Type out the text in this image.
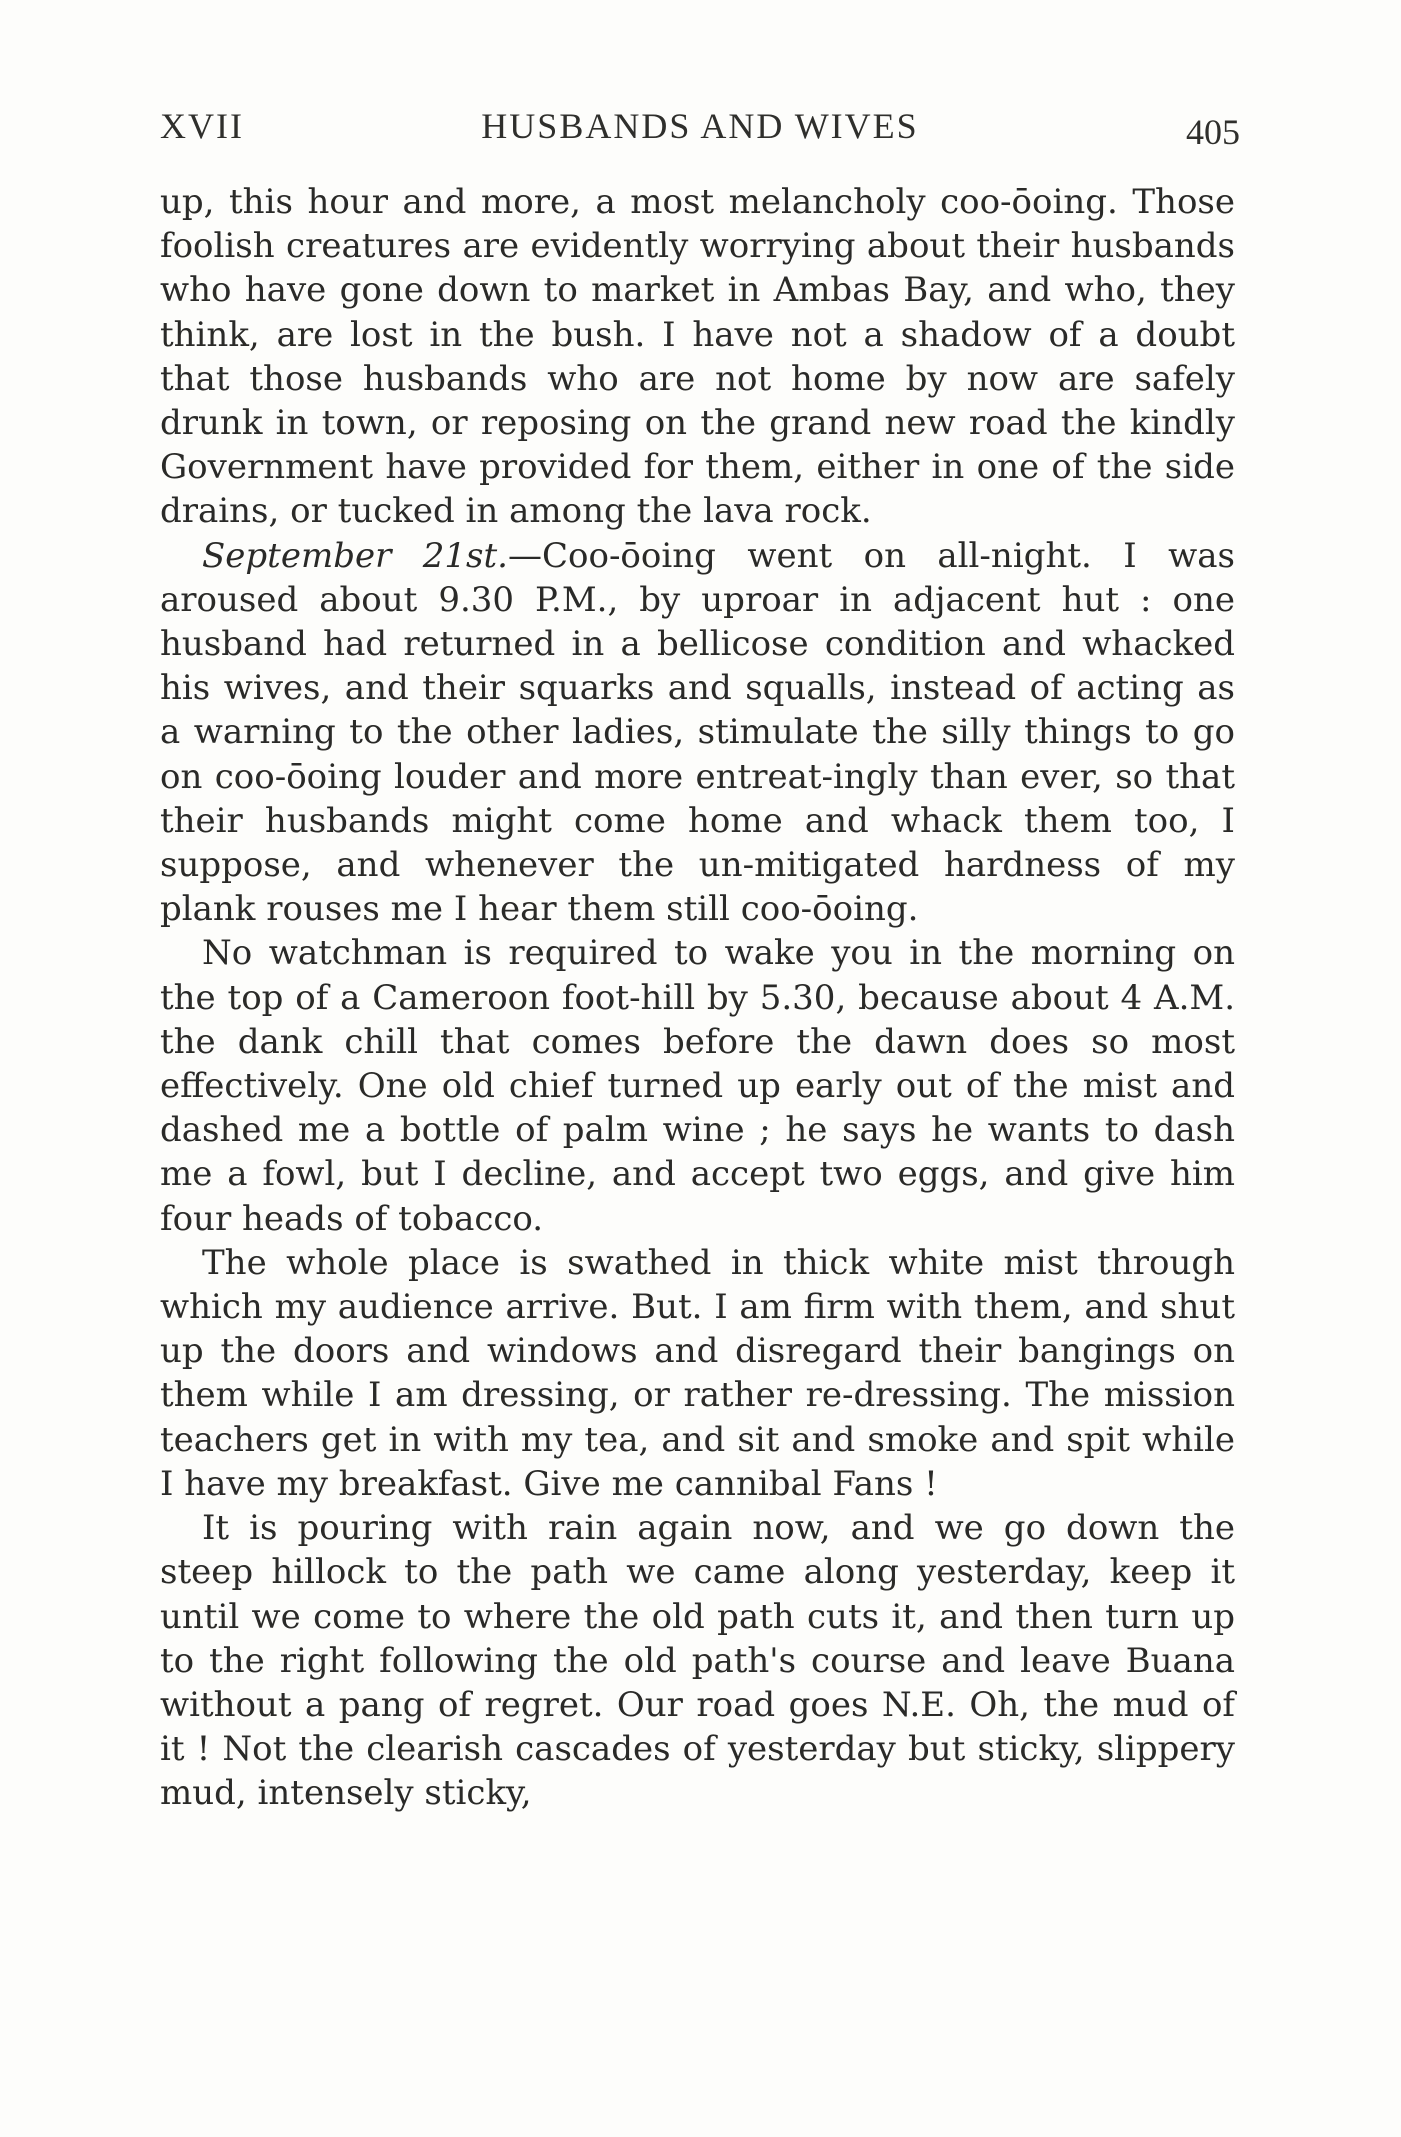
XVII	HUSBANDS AND WIVES	405

up, this hour and more, a most melancholy coo-ōoing. Those foolish creatures are evidently worrying about their husbands who have gone down to market in Ambas Bay, and who, they think, are lost in the bush. I have not a shadow of a doubt that those husbands who are not home by now are safely drunk in town, or reposing on the grand new road the kindly Government have provided for them, either in one of the side drains, or tucked in among the lava rock.

September 21st.—Coo-ōoing went on all-night. I was aroused about 9.30 P.M., by uproar in adjacent hut : one husband had returned in a bellicose condition and whacked his wives, and their squarks and squalls, instead of acting as a warning to the other ladies, stimulate the silly things to go on coo-ōoing louder and more entreat-ingly than ever, so that their husbands might come home and whack them too, I suppose, and whenever the un-mitigated hardness of my plank rouses me I hear them still coo-ōoing.

No watchman is required to wake you in the morning on the top of a Cameroon foot-hill by 5.30, because about 4 A.M. the dank chill that comes before the dawn does so most effectively. One old chief turned up early out of the mist and dashed me a bottle of palm wine ; he says he wants to dash me a fowl, but I decline, and accept two eggs, and give him four heads of tobacco.

The whole place is swathed in thick white mist through which my audience arrive. But. I am firm with them, and shut up the doors and windows and disregard their bangings on them while I am dressing, or rather re-dressing. The mission teachers get in with my tea, and sit and smoke and spit while I have my breakfast. Give me cannibal Fans !

It is pouring with rain again now, and we go down the steep hillock to the path we came along yesterday, keep it until we come to where the old path cuts it, and then turn up to the right following the old path's course and leave Buana without a pang of regret. Our road goes N.E. Oh, the mud of it ! Not the clearish cascades of yesterday but sticky, slippery mud, intensely sticky,
